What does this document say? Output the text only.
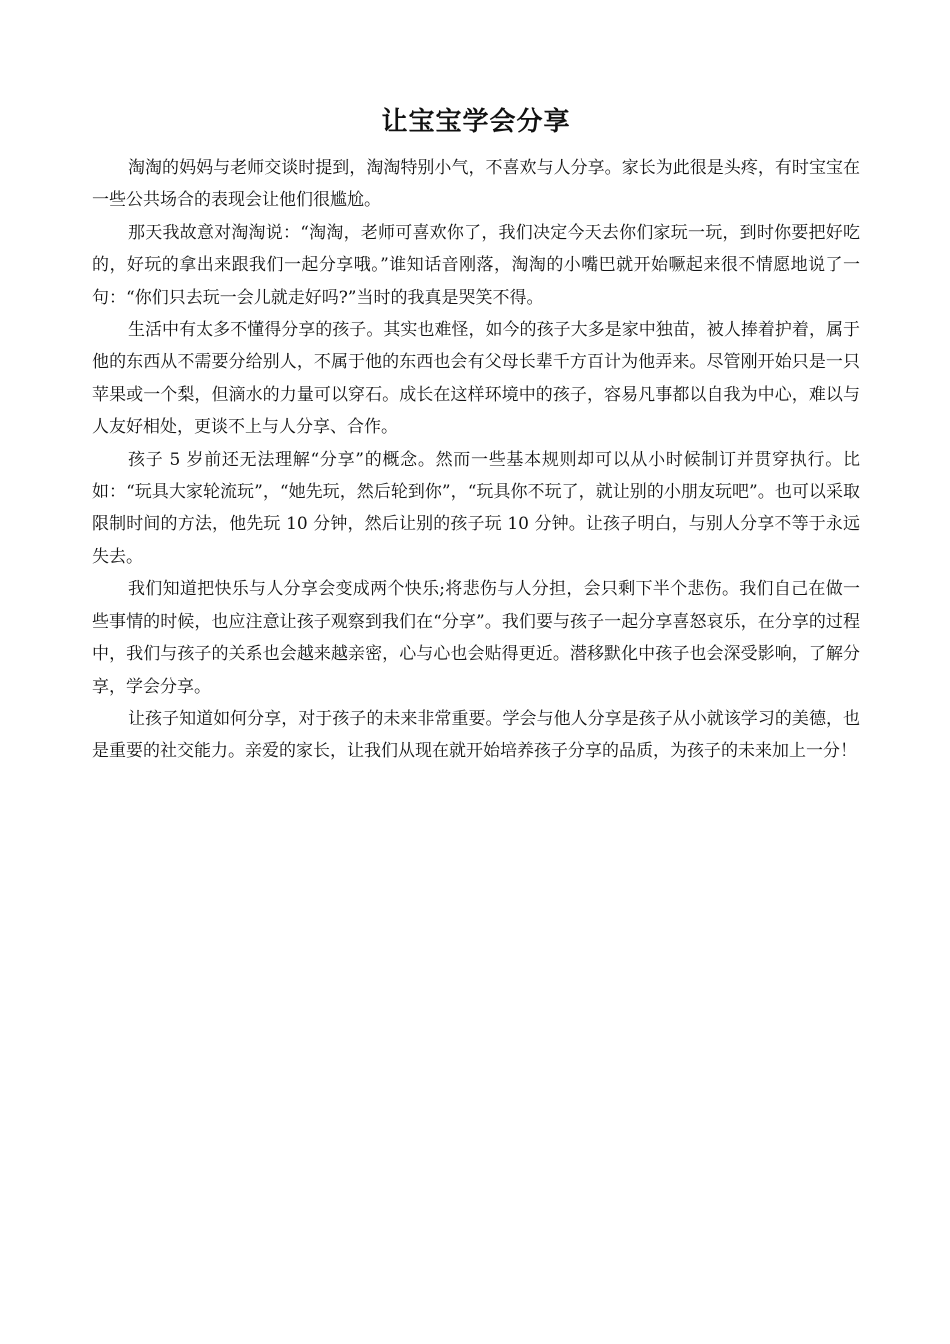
让宝宝学会分享

淘淘的妈妈与老师交谈时提到，淘淘特别小气，不喜欢与人分享。家长为此很是头疼，有时宝宝在一些公共场合的表现会让他们很尴尬。

那天我故意对淘淘说：“淘淘，老师可喜欢你了，我们决定今天去你们家玩一玩，到时你要把好吃的，好玩的拿出来跟我们一起分享哦。”谁知话音刚落，淘淘的小嘴巴就开始噘起来很不情愿地说了一句：“你们只去玩一会儿就走好吗?”当时的我真是哭笑不得。

生活中有太多不懂得分享的孩子。其实也难怪，如今的孩子大多是家中独苗，被人捧着护着，属于他的东西从不需要分给别人，不属于他的东西也会有父母长辈千方百计为他弄来。尽管刚开始只是一只苹果或一个梨，但滴水的力量可以穿石。成长在这样环境中的孩子，容易凡事都以自我为中心，难以与人友好相处，更谈不上与人分享、合作。

孩子 5 岁前还无法理解“分享”的概念。然而一些基本规则却可以从小时候制订并贯穿执行。比如：“玩具大家轮流玩”，“她先玩，然后轮到你”，“玩具你不玩了，就让别的小朋友玩吧”。也可以采取限制时间的方法，他先玩 10 分钟，然后让别的孩子玩 10 分钟。让孩子明白，与别人分享不等于永远失去。

我们知道把快乐与人分享会变成两个快乐;将悲伤与人分担，会只剩下半个悲伤。我们自己在做一些事情的时候，也应注意让孩子观察到我们在“分享”。我们要与孩子一起分享喜怒哀乐，在分享的过程中，我们与孩子的关系也会越来越亲密，心与心也会贴得更近。潜移默化中孩子也会深受影响，了解分享，学会分享。

让孩子知道如何分享，对于孩子的未来非常重要。学会与他人分享是孩子从小就该学习的美德，也是重要的社交能力。亲爱的家长，让我们从现在就开始培养孩子分享的品质，为孩子的未来加上一分！
